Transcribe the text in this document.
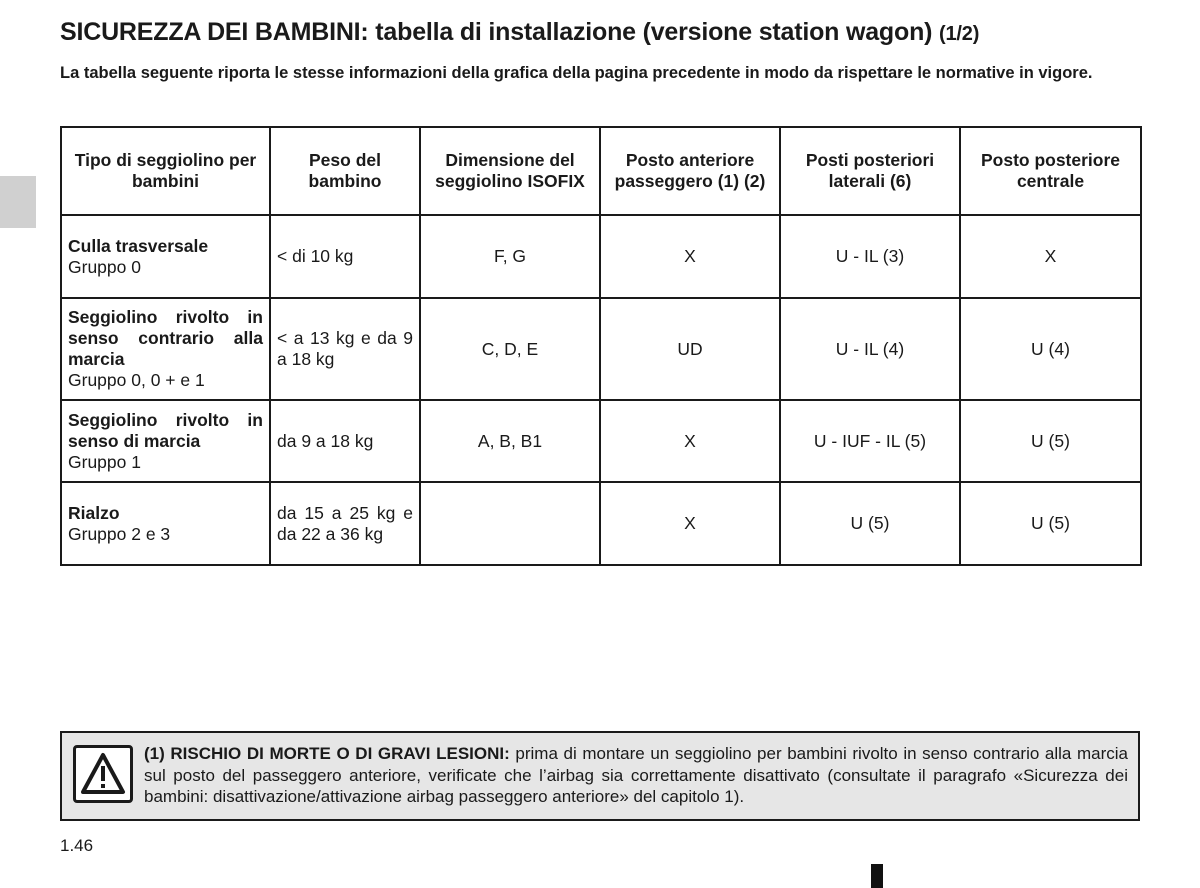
SICUREZZA DEI BAMBINI: tabella di installazione (versione station wagon) (1/2)

La tabella seguente riporta le stesse informazioni della grafica della pagina precedente in modo da rispettare le normative in vigore.

Tipo di seggiolino per bambini	Peso del bambino	Dimensione del seggiolino ISOFIX	Posto anteriore passeggero (1) (2)	Posti posteriori laterali (6)	Posto posteriore centrale

Culla trasversale
Gruppo 0	< di 10 kg	F, G	X	U - IL (3)	X

Seggiolino rivolto in senso contrario alla marcia
Gruppo 0, 0 + e 1	< a 13 kg e da 9 a 18 kg	C, D, E	UD	U - IL (4)	U (4)

Seggiolino rivolto in senso di marcia
Gruppo 1	da 9 a 18 kg	A, B, B1	X	U - IUF - IL (5)	U (5)

Rialzo
Gruppo 2 e 3	da 15 a 25 kg e da 22 a 36 kg		X	U (5)	U (5)

(1) RISCHIO DI MORTE O DI GRAVI LESIONI: prima di montare un seggiolino per bambini rivolto in senso contrario alla marcia sul posto del passeggero anteriore, verificate che l’airbag sia correttamente disattivato (consultate il paragrafo «Sicurezza dei bambini: disattivazione/attivazione airbag passeggero anteriore» del capitolo 1).

1.46
